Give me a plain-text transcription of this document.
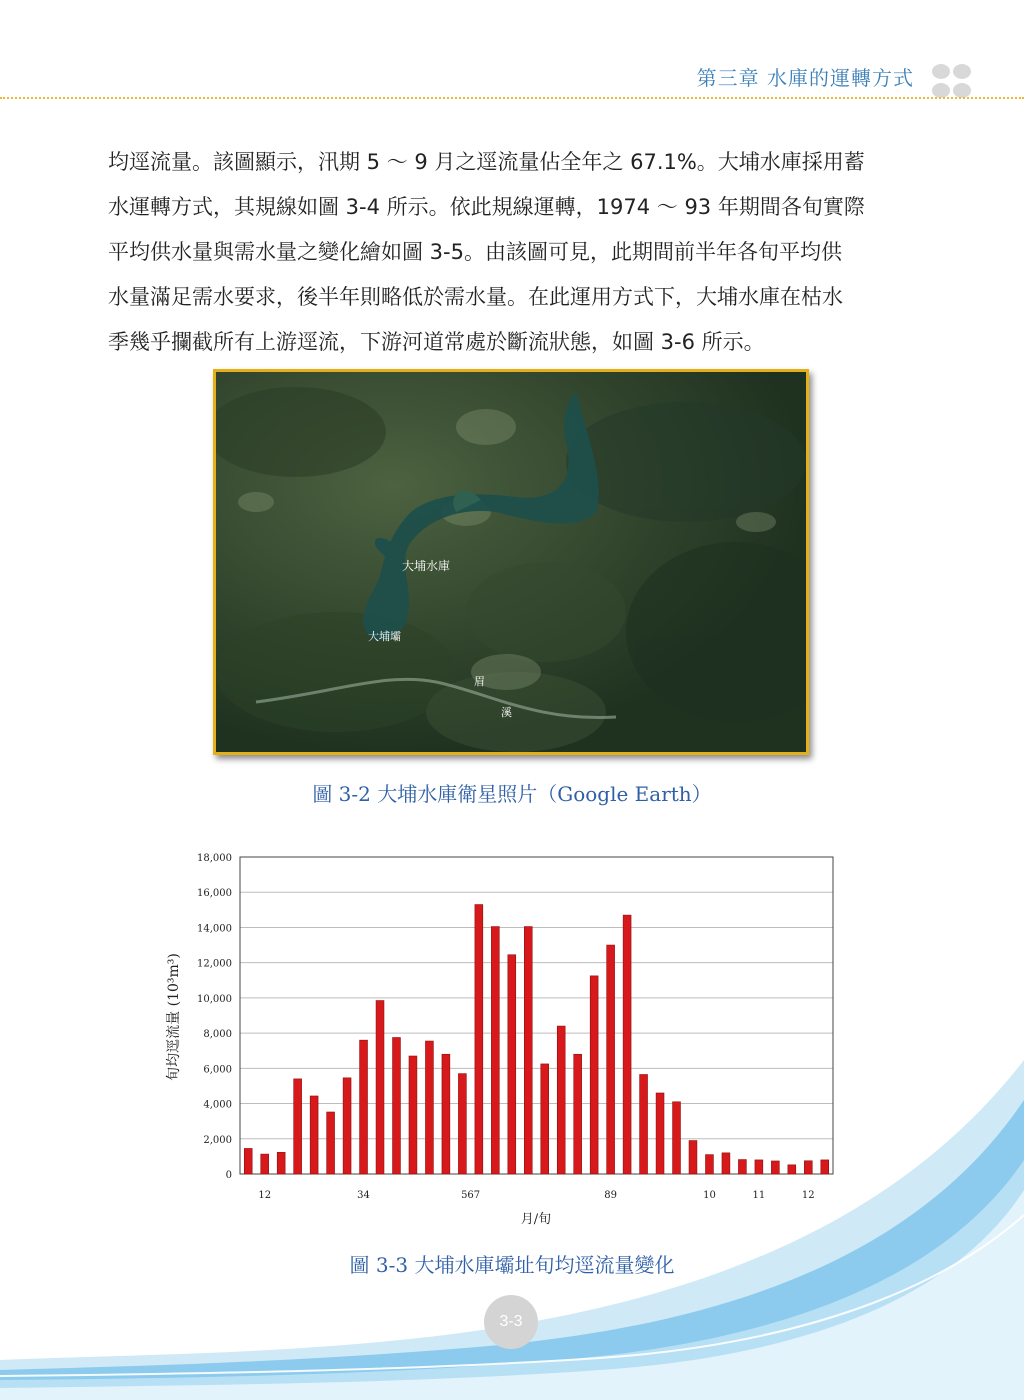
第三章 水庫的運轉方式

均逕流量。該圖顯示，汛期 5 ～ 9 月之逕流量佔全年之 67.1%。大埔水庫採用蓄

水運轉方式，其規線如圖 3-4 所示。依此規線運轉，1974 ～ 93 年期間各旬實際

平均供水量與需水量之變化繪如圖 3-5。由該圖可見，此期間前半年各旬平均供

水量滿足需水要求，後半年則略低於需水量。在此運用方式下，大埔水庫在枯水

季幾乎攔截所有上游逕流，下游河道常處於斷流狀態，如圖 3-6 所示。

大埔水庫
大埔壩
眉
溪
圖 3-2 大埔水庫衛星照片（Google Earth）
0
2,000
4,000
6,000
8,000
10,000
12,000
14,000
16,000
18,000
12	34	567	89	10	11	12
旬均逕流量 (10³m³)
月/旬
圖 3-3 大埔水庫壩址旬均逕流量變化
3-3
